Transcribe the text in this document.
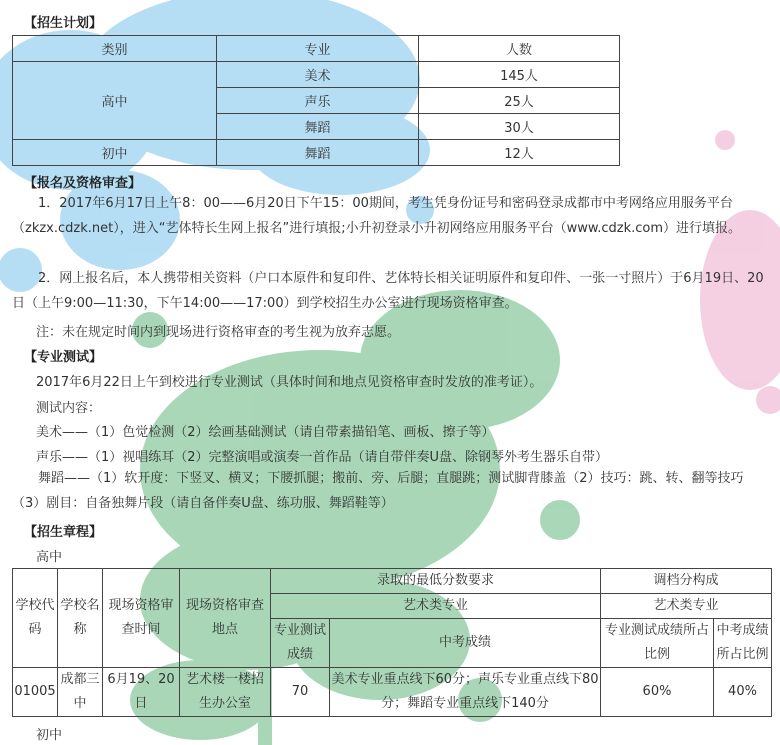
【招生计划】
类别	专业	人数
高中	美术	145人
	声乐	25人
	舞蹈	30人
初中	舞蹈	12人
【报名及资格审查】
1．2017年6月17日上午8：00——6月20日下午15：00期间，考生凭身份证号和密码登录成都市中考网络应用服务平台（zkzx.cdzk.net），进入“艺体特长生网上报名”进行填报;小升初登录小升初网络应用服务平台（www.cdzk.com）进行填报。
2．网上报名后，本人携带相关资料（户口本原件和复印件、艺体特长相关证明原件和复印件、一张一寸照片）于6月19日、20日（上午9:00—11:30，下午14:00——17:00）到学校招生办公室进行现场资格审查。
注：未在规定时间内到现场进行资格审查的考生视为放弃志愿。
【专业测试】
2017年6月22日上午到校进行专业测试（具体时间和地点见资格审查时发放的准考证）。
测试内容：
美术——（1）色觉检测（2）绘画基础测试（请自带素描铅笔、画板、擦子等）
声乐——（1）视唱练耳（2）完整演唱或演奏一首作品（请自带伴奏U盘、除钢琴外考生器乐自带）
舞蹈——（1）软开度：下竖叉、横叉；下腰抓腿；搬前、旁、后腿；直腿跳；测试脚背膝盖（2）技巧：跳、转、翻等技巧（3）剧目：自备独舞片段（请自备伴奏U盘、练功服、舞蹈鞋等）
【招生章程】
高中
学校代码	学校名称	现场资格审查时间	现场资格审查地点	录取的最低分数要求		调档分构成	
				艺术类专业		艺术类专业	
				专业测试成绩	中考成绩	专业测试成绩所占比例	中考成绩所占比例
01005	成都三中	6月19、20日	艺术楼一楼招生办公室	70	美术专业重点线下60分；声乐专业重点线下80分；舞蹈专业重点线下140分	60%	40%
初中
